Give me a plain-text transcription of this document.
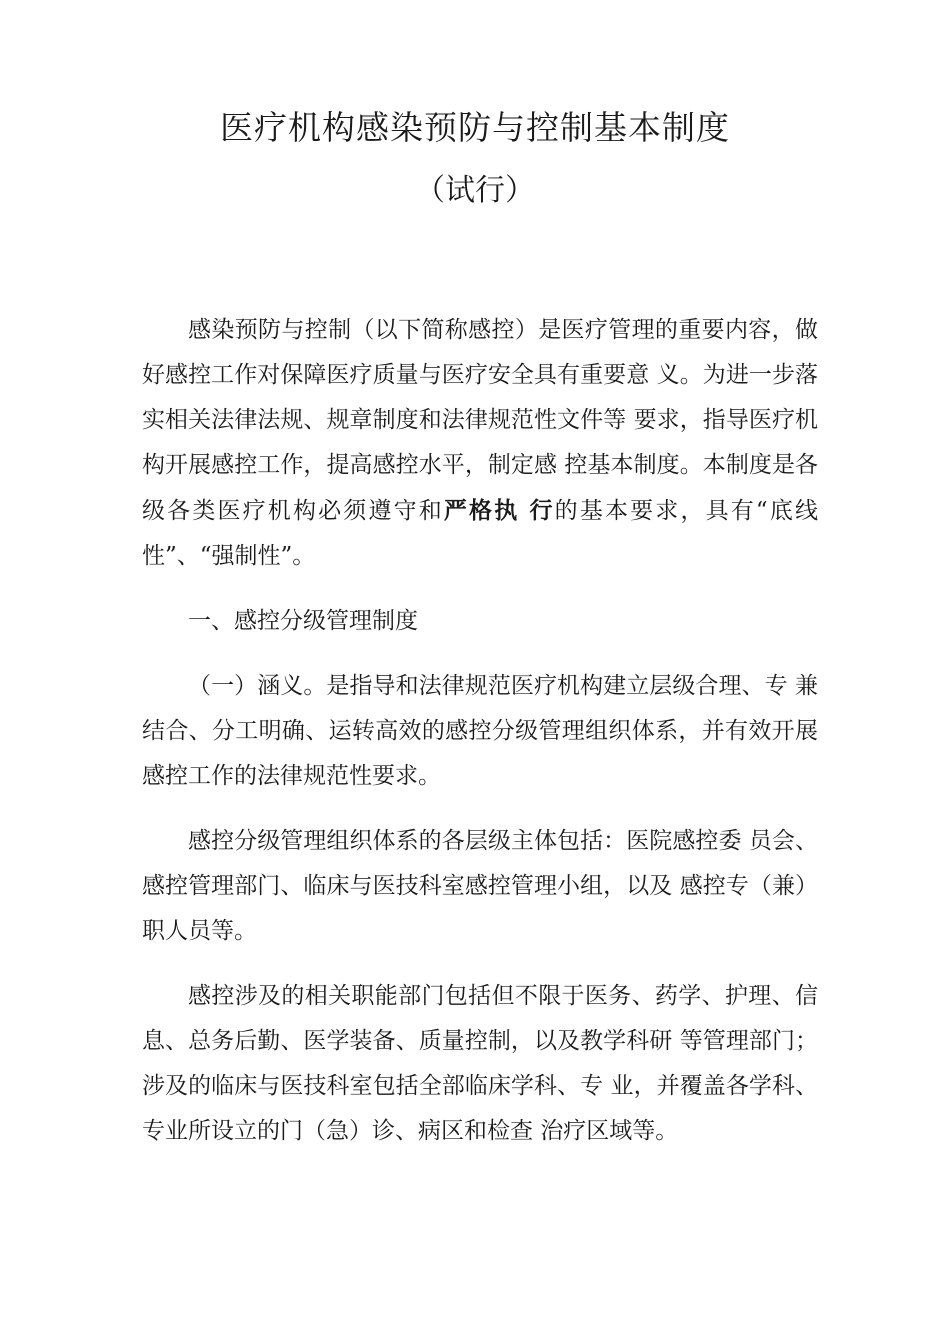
医疗机构感染预防与控制基本制度
（试行）

感染预防与控制（以下简称感控）是医疗管理的重要内容，做好感控工作对保障医疗质量与医疗安全具有重要意 义。为进一步落实相关法律法规、规章制度和法律规范性文件等 要求，指导医疗机构开展感控工作，提高感控水平，制定感 控基本制度。本制度是各级各类医疗机构必须遵守和严格执 行的基本要求，具有“底线性”、“强制性”。

一、感控分级管理制度

（一）涵义。是指导和法律规范医疗机构建立层级合理、专 兼结合、分工明确、运转高效的感控分级管理组织体系，并有效开展感控工作的法律规范性要求。

感控分级管理组织体系的各层级主体包括：医院感控委 员会、感控管理部门、临床与医技科室感控管理小组，以及 感控专（兼）职人员等。

感控涉及的相关职能部门包括但不限于医务、药学、护理、信息、总务后勤、医学装备、质量控制，以及教学科研 等管理部门；涉及的临床与医技科室包括全部临床学科、专 业，并覆盖各学科、专业所设立的门（急）诊、病区和检查 治疗区域等。
